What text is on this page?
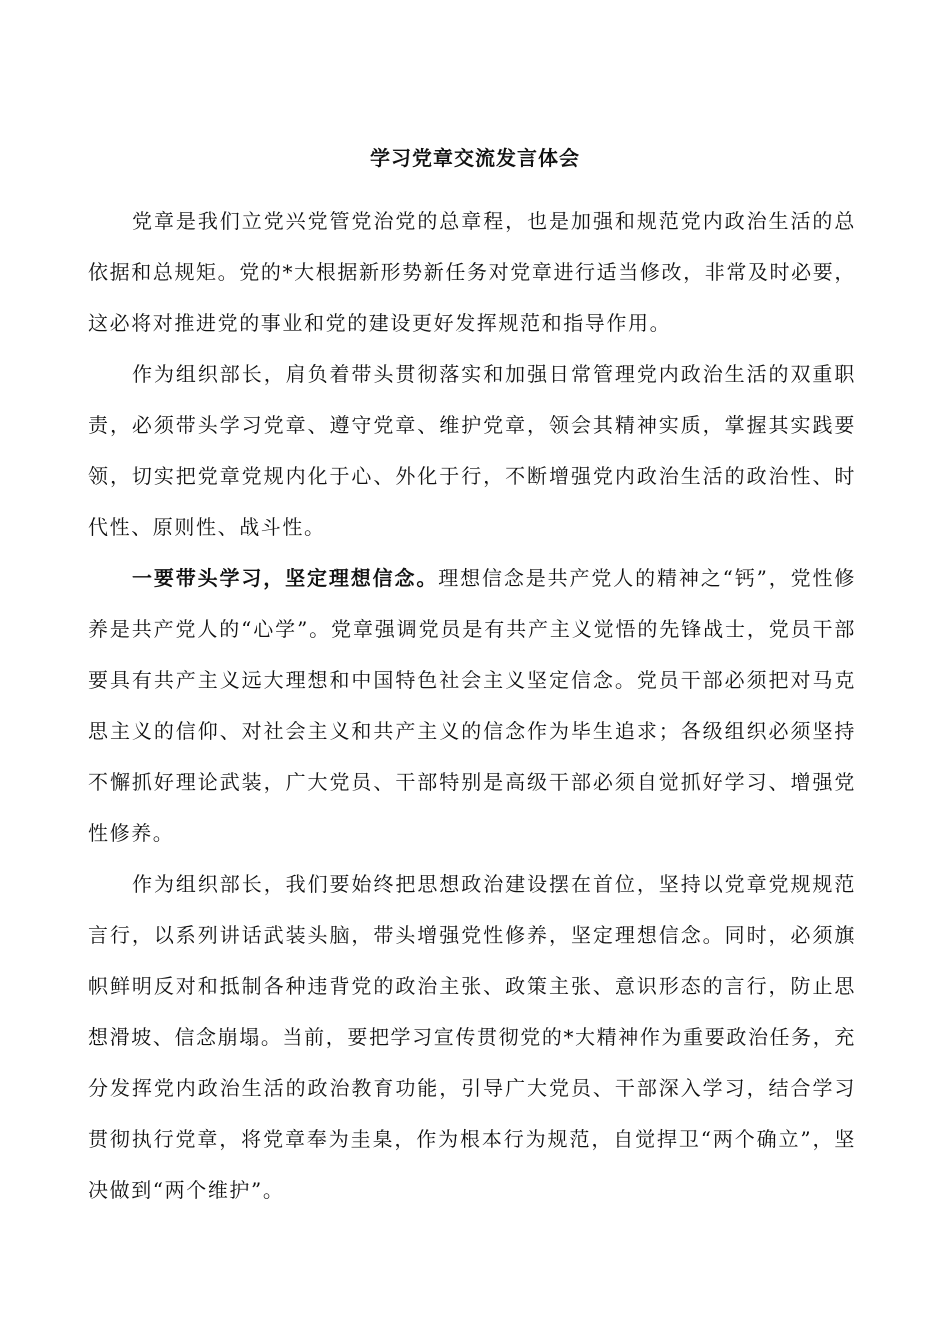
学习党章交流发言体会

党章是我们立党兴党管党治党的总章程，也是加强和规范党内政治生活的总依据和总规矩。党的*大根据新形势新任务对党章进行适当修改，非常及时必要，这必将对推进党的事业和党的建设更好发挥规范和指导作用。

作为组织部长，肩负着带头贯彻落实和加强日常管理党内政治生活的双重职责，必须带头学习党章、遵守党章、维护党章，领会其精神实质，掌握其实践要领，切实把党章党规内化于心、外化于行，不断增强党内政治生活的政治性、时代性、原则性、战斗性。

一要带头学习，坚定理想信念。理想信念是共产党人的精神之“钙”，党性修养是共产党人的“心学”。党章强调党员是有共产主义觉悟的先锋战士，党员干部要具有共产主义远大理想和中国特色社会主义坚定信念。党员干部必须把对马克思主义的信仰、对社会主义和共产主义的信念作为毕生追求；各级组织必须坚持不懈抓好理论武装，广大党员、干部特别是高级干部必须自觉抓好学习、增强党性修养。

作为组织部长，我们要始终把思想政治建设摆在首位，坚持以党章党规规范言行，以系列讲话武装头脑，带头增强党性修养，坚定理想信念。同时，必须旗帜鲜明反对和抵制各种违背党的政治主张、政策主张、意识形态的言行，防止思想滑坡、信念崩塌。当前，要把学习宣传贯彻党的*大精神作为重要政治任务，充分发挥党内政治生活的政治教育功能，引导广大党员、干部深入学习，结合学习贯彻执行党章，将党章奉为圭臬，作为根本行为规范，自觉捍卫“两个确立”，坚决做到“两个维护”。
